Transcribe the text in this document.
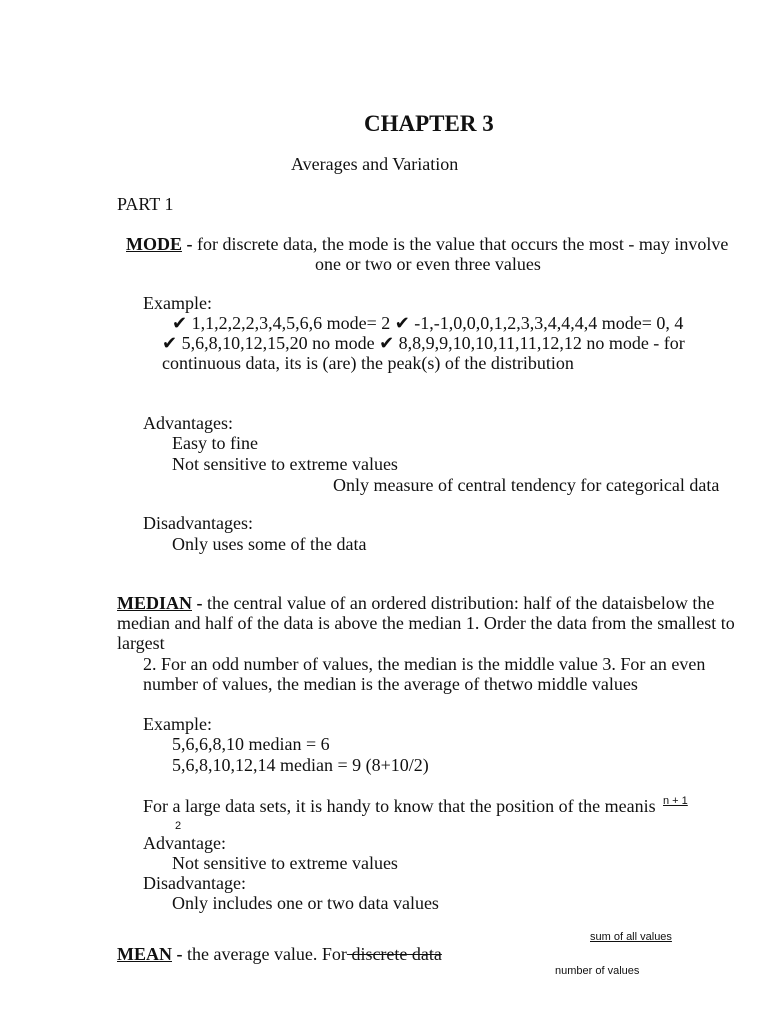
CHAPTER 3
Averages and Variation
PART 1
MODE - for discrete data, the mode is the value that occurs the most - may involve
one or two or even three values
Example:
✔ 1,1,2,2,2,3,4,5,6,6 mode= 2 ✔ -1,-1,0,0,0,1,2,3,3,4,4,4,4 mode= 0, 4
✔ 5,6,8,10,12,15,20 no mode ✔ 8,8,9,9,10,10,11,11,12,12 no mode - for
continuous data, its is (are) the peak(s) of the distribution
Advantages:
Easy to fine
Not sensitive to extreme values
Only measure of central tendency for categorical data
Disadvantages:
Only uses some of the data
MEDIAN - the central value of an ordered distribution: half of the dataisbelow the
median and half of the data is above the median 1. Order the data from the smallest to
largest
2. For an odd number of values, the median is the middle value 3. For an even
number of values, the median is the average of thetwo middle values
Example:
5,6,6,8,10 median = 6
5,6,8,10,12,14 median = 9 (8+10/2)
For a large data sets, it is handy to know that the position of the meanis n + 1
2
Advantage:
Not sensitive to extreme values
Disadvantage:
Only includes one or two data values
sum of all values
MEAN - the average value. For discrete data
number of values
